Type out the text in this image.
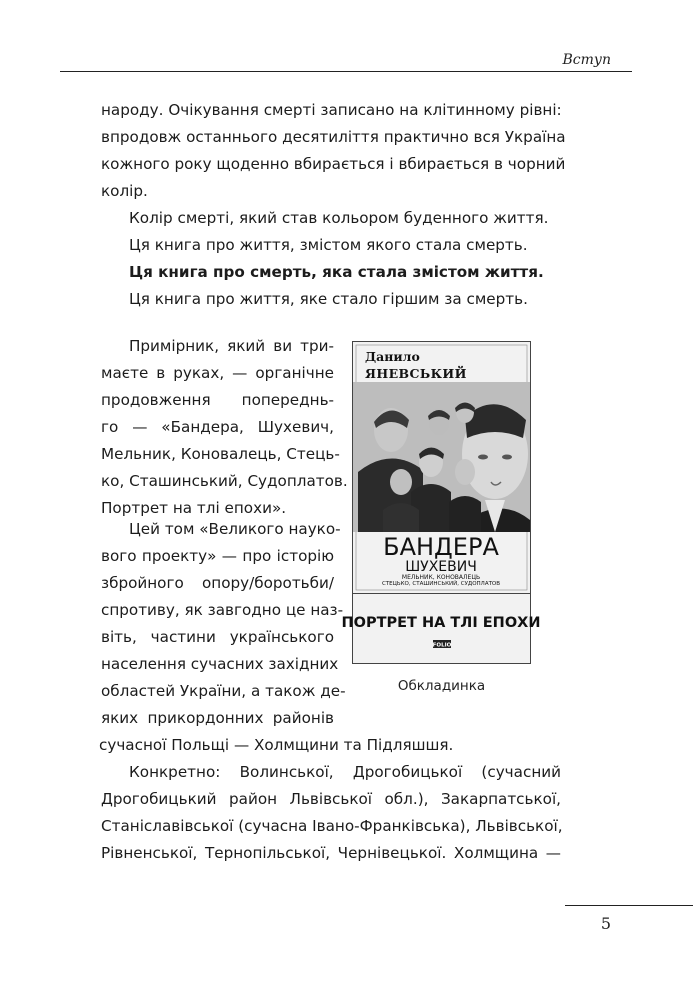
Вступ
народу. Очікування смерті записано на клітинному рівні:
впродовж останнього десятиліття практично вся Україна
кожного року щоденно вбирається і вбирається в чорний
колір.
Колір смерті, який став кольором буденного життя.
Ця книга про життя, змістом якого стала смерть.
Ця книга про смерть, яка стала змістом життя.
Ця книга про життя, яке стало гіршим за смерть.
Примірник, який ви три-
маєте в руках, — органічне
продовження попереднь-
го — «Бандера, Шухевич,
Мельник, Коновалець, Стець-
ко, Сташинський, Судоплатов.
Портрет на тлі епохи».
Цей том «Великого науко-
вого проекту» — про історію
збройного опору/боротьби/
спротиву, як завгодно це наз-
віть, частини українського
населення сучасних західних
областей України, а також де-
яких прикордонних районів
сучасної Польщі — Холмщини та Підляшшя.
Данило
ЯНЕВСЬКИЙ
БАНДЕРА
ШУХЕВИЧ
МЕЛЬНИК, КОНОВАЛЕЦЬ
СТЕЦЬКО, СТАШИНСЬКИЙ, СУДОПЛАТОВ
ПОРТРЕТ НА ТЛІ ЕПОХИ
FOLIO
Обкладинка
Конкретно: Волинської, Дрогобицької (сучасний
Дрогобицький район Львівської обл.), Закарпатської,
Станіславівської (сучасна Івано-Франківська), Львівської,
Рівненської, Тернопільської, Чернівецької. Холмщина —
5
